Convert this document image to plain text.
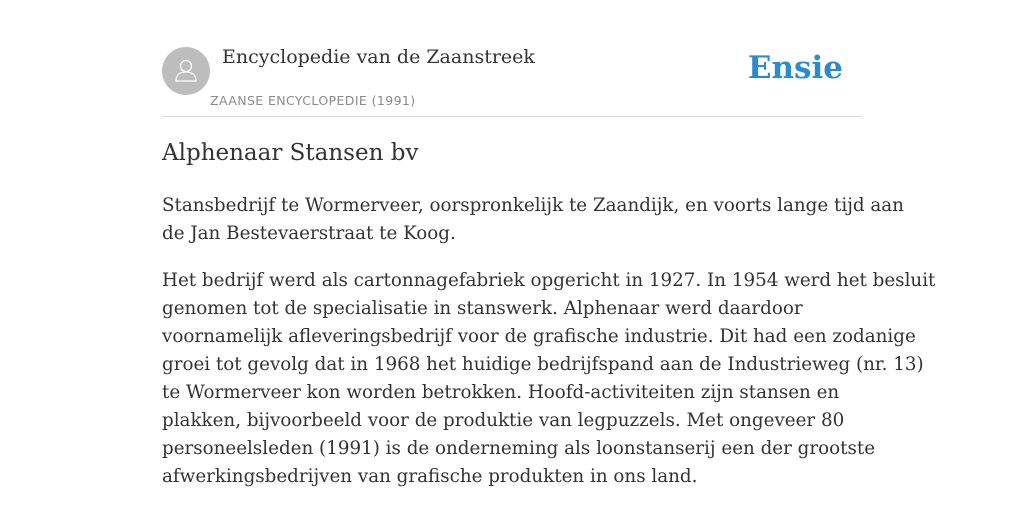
Encyclopedie van de Zaanstreek
ZAANSE ENCYCLOPEDIE (1991)
Ensie
Alphenaar Stansen bv

Stansbedrijf te Wormerveer, oorspronkelijk te Zaandijk, en voorts lange tijd aan
de Jan Bestevaerstraat te Koog.

Het bedrijf werd als cartonnagefabriek opgericht in 1927. In 1954 werd het besluit
genomen tot de specialisatie in stanswerk. Alphenaar werd daardoor
voornamelijk afleveringsbedrijf voor de grafische industrie. Dit had een zodanige
groei tot gevolg dat in 1968 het huidige bedrijfspand aan de Industrieweg (nr. 13)
te Wormerveer kon worden betrokken. Hoofd-activiteiten zijn stansen en
plakken, bijvoorbeeld voor de produktie van legpuzzels. Met ongeveer 80
personeelsleden (1991) is de onderneming als loonstanserij een der grootste
afwerkingsbedrijven van grafische produkten in ons land.
